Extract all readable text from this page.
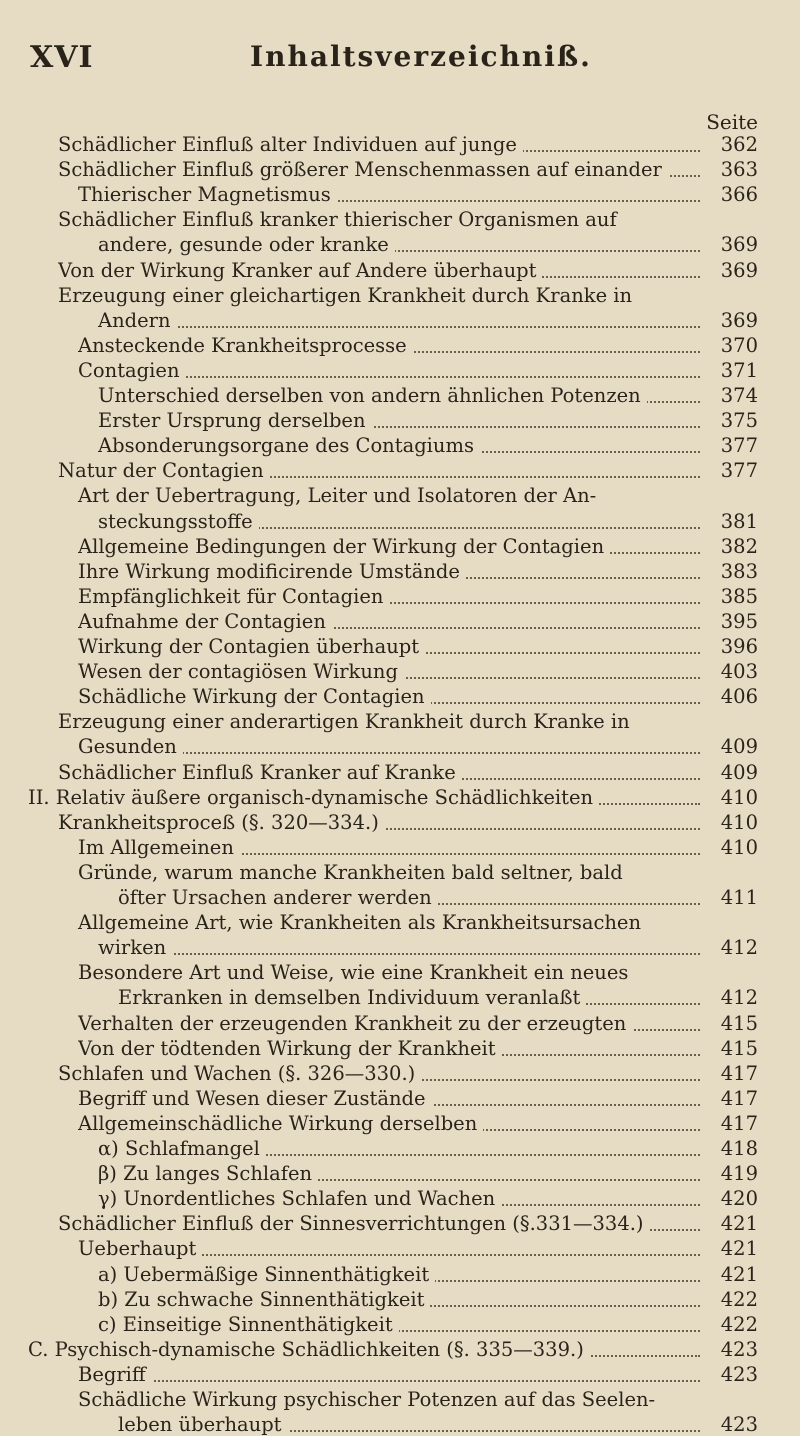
XVI	Inhaltsverzeichniß.
Seite
Schädlicher Einfluß alter Individuen auf junge	362
Schädlicher Einfluß größerer Menschenmassen auf einander	363
Thierischer Magnetismus	366
Schädlicher Einfluß kranker thierischer Organismen auf
andere, gesunde oder kranke	369
Von der Wirkung Kranker auf Andere überhaupt	369
Erzeugung einer gleichartigen Krankheit durch Kranke in
Andern	369
Ansteckende Krankheitsprocesse	370
Contagien	371
Unterschied derselben von andern ähnlichen Potenzen	374
Erster Ursprung derselben	375
Absonderungsorgane des Contagiums	377
Natur der Contagien	377
Art der Uebertragung, Leiter und Isolatoren der An-
steckungsstoffe	381
Allgemeine Bedingungen der Wirkung der Contagien	382
Ihre Wirkung modificirende Umstände	383
Empfänglichkeit für Contagien	385
Aufnahme der Contagien	395
Wirkung der Contagien überhaupt	396
Wesen der contagiösen Wirkung	403
Schädliche Wirkung der Contagien	406
Erzeugung einer anderartigen Krankheit durch Kranke in
Gesunden	409
Schädlicher Einfluß Kranker auf Kranke	409
II. Relativ äußere organisch-dynamische Schädlichkeiten	410
Krankheitsproceß (§. 320—334.)	410
Im Allgemeinen	410
Gründe, warum manche Krankheiten bald seltner, bald
öfter Ursachen anderer werden	411
Allgemeine Art, wie Krankheiten als Krankheitsursachen
wirken	412
Besondere Art und Weise, wie eine Krankheit ein neues
Erkranken in demselben Individuum veranlaßt	412
Verhalten der erzeugenden Krankheit zu der erzeugten	415
Von der tödtenden Wirkung der Krankheit	415
Schlafen und Wachen (§. 326—330.)	417
Begriff und Wesen dieser Zustände	417
Allgemeinschädliche Wirkung derselben	417
α) Schlafmangel	418
β) Zu langes Schlafen	419
γ) Unordentliches Schlafen und Wachen	420
Schädlicher Einfluß der Sinnesverrichtungen (§.331—334.)	421
Ueberhaupt	421
a) Uebermäßige Sinnenthätigkeit	421
b) Zu schwache Sinnenthätigkeit	422
c) Einseitige Sinnenthätigkeit	422
C. Psychisch-dynamische Schädlichkeiten (§. 335—339.)	423
Begriff	423
Schädliche Wirkung psychischer Potenzen auf das Seelen-
leben überhaupt	423
